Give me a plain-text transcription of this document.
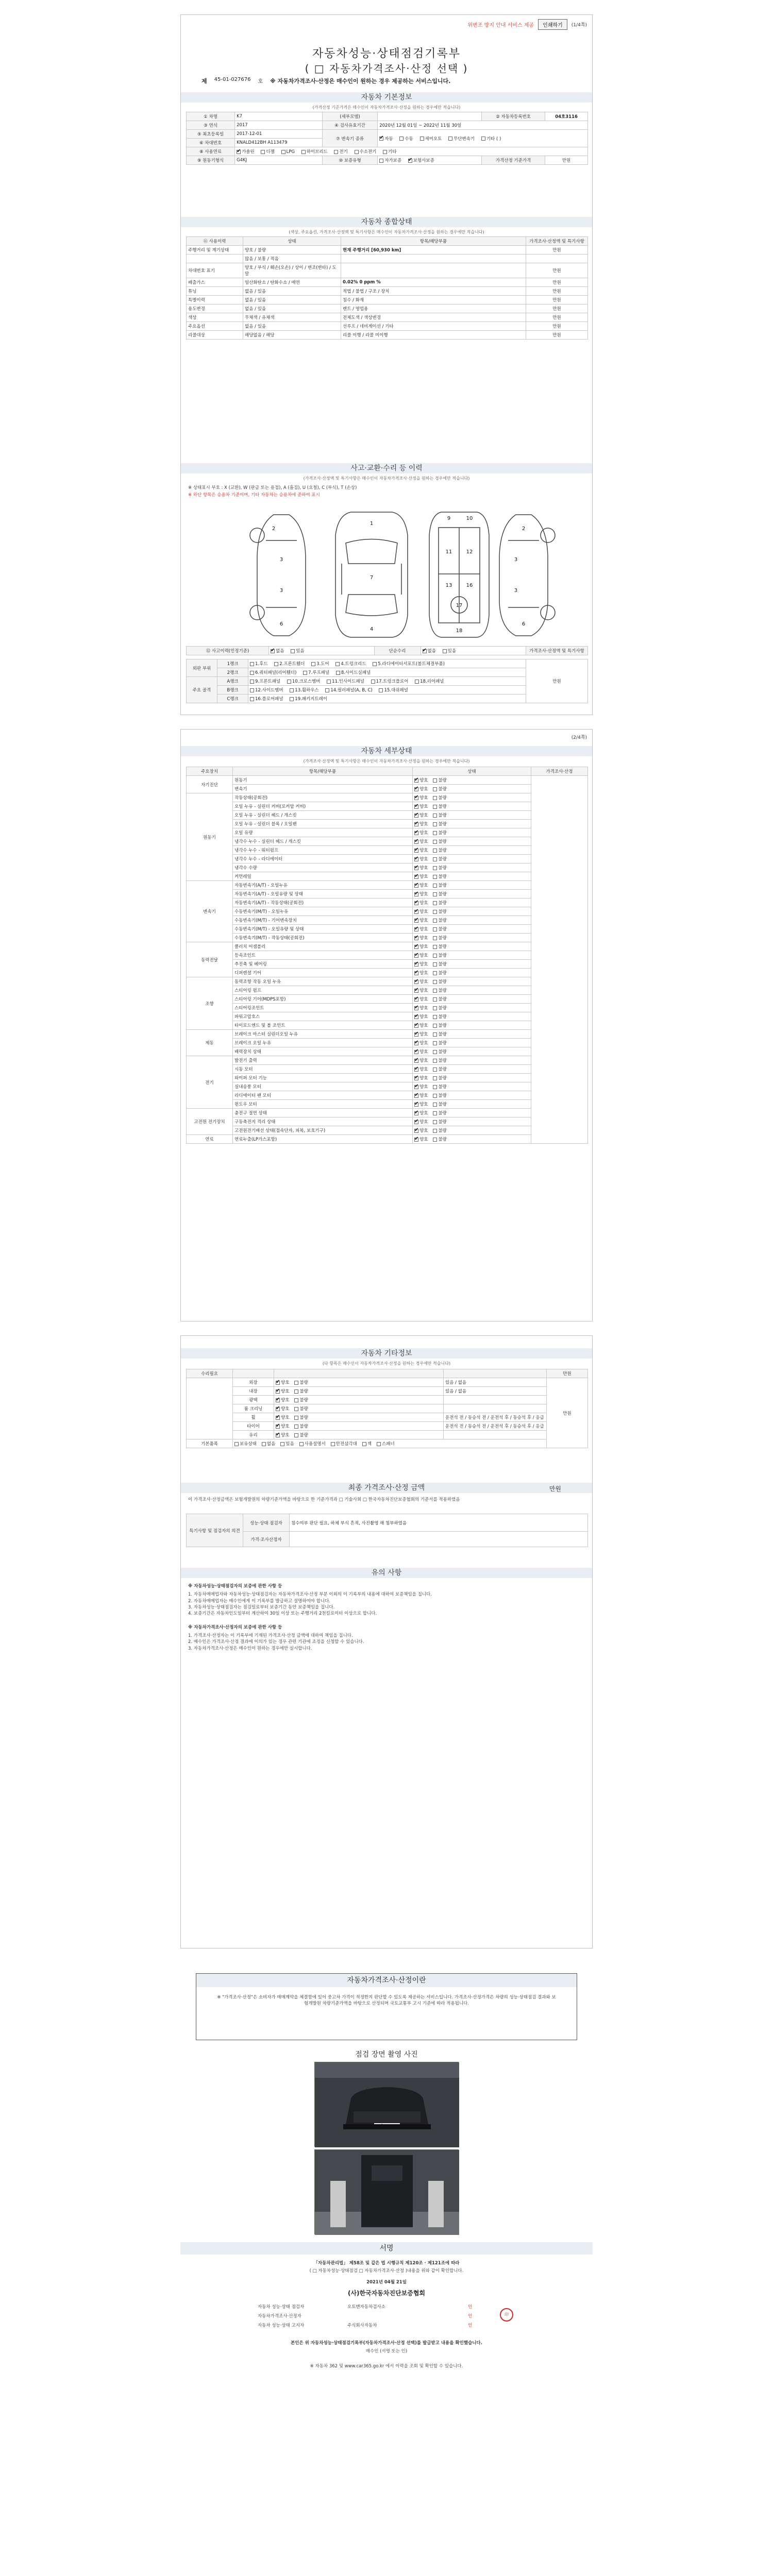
위변조 방지 안내 서비스 제공	인쇄하기	(1/4쪽)
자동차성능·상태점검기록부
( □ 자동차가격조사·산정 선택 )
제 45-01-027676 호 ※ 자동차가격조사·산정은 매수인이 원하는 경우 제공하는 서비스입니다.
자동차 기본정보
(가격산정 기준가격은 매수인이 자동차가격조사·산정을 원하는 경우에만 적습니다)
① 차명	K7	(세부모델)		② 자동차등록번호	04호3116
③ 연식	2017	④ 검사유효기간	2020년 12월 01일 ~ 2022년 11월 30일		
⑤ 최초등록일	2017-12-01	⑦ 변속기 종류	✔자동 수동 세미오토 무단변속기 기타 ( )
⑥ 차대번호	KNALD412BH A113479				
⑧ 사용연료	✔가솔린 디젤 LPG 하이브리드 전기 수소전기 기타
⑨ 원동기형식	G4KJ	⑩ 보증유형	자가보증 ✔ 보험사보증	가격산정 기준가격	만원
자동차 종합상태
(색상, 주요옵션, 가격조사·산정액 및 특기사항은 매수인이 자동차가격조사·산정을 원하는 경우에만 적습니다)
⑪ 사용이력	상태	항목/해당부품	가격조사·산정액 및 특기사항
주행거리 및 계기상태	양호 / 불량	현재 주행거리 [60,930 km]	만원
	많음 / 보통 / 적음		
차대번호 표기	양호 / 부식 / 훼손(오손) / 상이 / 변조(변타) / 도말		만원
배출가스	일산화탄소 / 탄화수소 / 매연	0.02% 0 ppm %	만원
튜닝	없음 / 있음	적법 / 불법 / 구조 / 장치	만원
특별이력	없음 / 있음	침수 / 화재	만원
용도변경	없음 / 있음	렌트 / 영업용	만원
색상	무채색 / 유채색	전체도색 / 색상변경	만원
주요옵션	없음 / 있음	선루프 / 네비게이션 / 기타	만원
리콜대상	해당없음 / 해당	리콜 이행 / 리콜 미이행	만원
사고·교환·수리 등 이력
(가격조사·산정액 및 특기사항은 매수인이 자동차가격조사·산정을 원하는 경우에만 적습니다)
※ 상태표시 부호 : X (교환), W (판금 또는 용접), A (흠집), U (요철), C (부식), T (손상)
※ 하단 항목은 승용차 기준이며, 기타 자동차는 승용차에 준하여 표시
2
3
3
6
1
7
4
9	10
11	12
13	16
17
18
2
3
3
6
⑫ 사고이력(인정기준)	✔없음	있음	단순수리	✔없음	있음	가격조사·산정액 및 특기사항
외판 부위	1랭크	1.후드 2.프론트휀더 3.도어 4.트렁크리드 5.라디에이터서포트(볼트체결부품)	만원
	2랭크	6.쿼터패널(리어휀더) 7.루프패널 8.사이드실패널	
주요 골격	A랭크	9.프론트패널 10.크로스멤버 11.인사이드패널 17.트렁크플로어 18.리어패널	
	B랭크	12.사이드멤버 13.휠하우스 14.필러패널(A, B, C) 15.대쉬패널	
	C랭크	16.플로어패널 19.패키지트레이	
(2/4쪽)
자동차 세부상태
(가격조사·산정액 및 특기사항은 매수인이 자동차가격조사·산정을 원하는 경우에만 적습니다)
주요장치	항목/해당부품	상태	가격조사·산정
자기진단	원동기	✔양호 불량	
	변속기	✔양호 불량
원동기	작동상태(공회전)	✔양호 불량
	오일 누유 - 실린더 커버(로커암 커버)	✔양호 불량
	오일 누유 - 실린더 헤드 / 개스킷	✔양호 불량
	오일 누유 - 실린더 블록 / 오일팬	✔양호 불량
	오일 유량	✔양호 불량
	냉각수 누수 - 실린더 헤드 / 개스킷	✔양호 불량
	냉각수 누수 - 워터펌프	✔양호 불량
	냉각수 누수 - 라디에이터	✔양호 불량
	냉각수 수량	✔양호 불량
	커먼레일	✔양호 불량
변속기	자동변속기(A/T) - 오일누유	✔양호 불량
	자동변속기(A/T) - 오일유량 및 상태	✔양호 불량
	자동변속기(A/T) - 작동상태(공회전)	✔양호 불량
	수동변속기(M/T) - 오일누유	✔양호 불량
	수동변속기(M/T) - 기어변속장치	✔양호 불량
	수동변속기(M/T) - 오일유량 및 상태	✔양호 불량
	수동변속기(M/T) - 작동상태(공회전)	✔양호 불량
동력전달	클러치 어셈블리	✔양호 불량
	등속조인트	✔양호 불량
	추진축 및 베어링	✔양호 불량
	디퍼렌셜 기어	✔양호 불량
조향	동력조향 작동 오일 누유	✔양호 불량
	스티어링 펌프	✔양호 불량
	스티어링 기어(MDPS포함)	✔양호 불량
	스티어링조인트	✔양호 불량
	파워고압호스	✔양호 불량
	타이로드엔드 및 볼 조인트	✔양호 불량
제동	브레이크 마스터 실린더오일 누유	✔양호 불량
	브레이크 오일 누유	✔양호 불량
	배력장치 상태	✔양호 불량
전기	발전기 출력	✔양호 불량
	시동 모터	✔양호 불량
	와이퍼 모터 기능	✔양호 불량
	실내송풍 모터	✔양호 불량
	라디에이터 팬 모터	✔양호 불량
	윈도우 모터	✔양호 불량
고전원 전기장치	충전구 절연 상태	✔양호 불량
	구동축전지 격리 상태	✔양호 불량
	고전원전기배선 상태(접속단자, 피복, 보호기구)	✔양호 불량
연료	연료누출(LP가스포함)	✔양호 불량
자동차 기타정보
(다 항목은 매수인이 자동차가격조사·산정을 원하는 경우에만 적습니다)
수리필요				만원
	외장	✔양호 불량	있음 / 없음	만원
	내장	✔양호 불량	있음 / 없음	
	광택	✔양호 불량	
	룸 크리닝	✔양호 불량	
	휠	✔양호 불량	운전석 전 / 동승석 전 / 운전석 후 / 동승석 후 / 응급	
	타이어	✔양호 불량	운전석 전 / 동승석 전 / 운전석 후 / 동승석 후 / 응급	
	유리	✔양호 불량	
기본품목	보유상태 없음 있음 사용설명서 안전삼각대 잭 스패너			
최종 가격조사·산정 금액	만원
이 가격조사·산정금액은 보험개발원의 차량기준가액을 바탕으로 한 기준가격과 □ 기술사회 □ 한국자동차진단보증협회의 기준서를 적용하였음
특기사항 및 점검자의 의견	성능·상태 점검자	침수여부 판단 필요, 하체 부식 흔적, 사진촬영 해 첨부하였음
	가격·조사산정자	
유의 사항
※ 자동차성능·상태점검자의 보증에 관한 사항 등
1. 자동차매매업자와 자동차성능·상태점검자는 자동차가격조사·산정 부분 이외의 이 기록부의 내용에 대하여 보증책임을 집니다.
2. 자동차매매업자는 매수인에게 이 기록부를 발급하고 설명하여야 합니다.
3. 자동차성능·상태점검자는 점검일로부터 보증기간 동안 보증책임을 집니다.
4. 보증기간은 자동차인도일부터 계산하여 30일 이상 또는 주행거리 2천킬로미터 이상으로 합니다.
※ 자동차가격조사·산정자의 보증에 관한 사항 등
1. 가격조사·산정자는 이 기록부에 기재된 가격조사·산정 금액에 대하여 책임을 집니다.
2. 매수인은 가격조사·산정 결과에 이의가 있는 경우 관련 기관에 조정을 신청할 수 있습니다.
3. 자동차가격조사·산정은 매수인이 원하는 경우에만 실시합니다.
자동차가격조사·산정이란
※ "가격조사·산정"은 소비자가 매매계약을 체결함에 있어 중고차 가격이 적정한지 판단할 수 있도록 제공하는 서비스입니다. 가격조사·산정가격은 차량의 성능·상태점검 결과와 보험개발원 차량기준가액을 바탕으로 산정되며 국토교통부 고시 기준에 따라 적용됩니다.
점검 장면 촬영 사진
04호3116
서명
「자동차관리법」 제58조 및 같은 법 시행규칙 제120조 · 제121조에 따라
( □ 자동차성능·상태점검 □ 자동차가격조사·산정 )내용을 위와 같이 확인합니다.
2021년 04월 21일
(사)한국자동차진단보증협회
자동차 성능·상태 점검자	오토맨자동차검사소	인
자동차가격조사·산정자	인
자동차 성능·상태 고지자	주식회사자동차	인
印
본인은 위 자동차성능·상태점검기록부(자동차가격조사·산정 선택)를 발급받고 내용을 확인했습니다.
매수인 (서명 또는 인)
※ 자동차 362 및 www.car365.go.kr 에서 이력을 조회 및 확인할 수 있습니다.
